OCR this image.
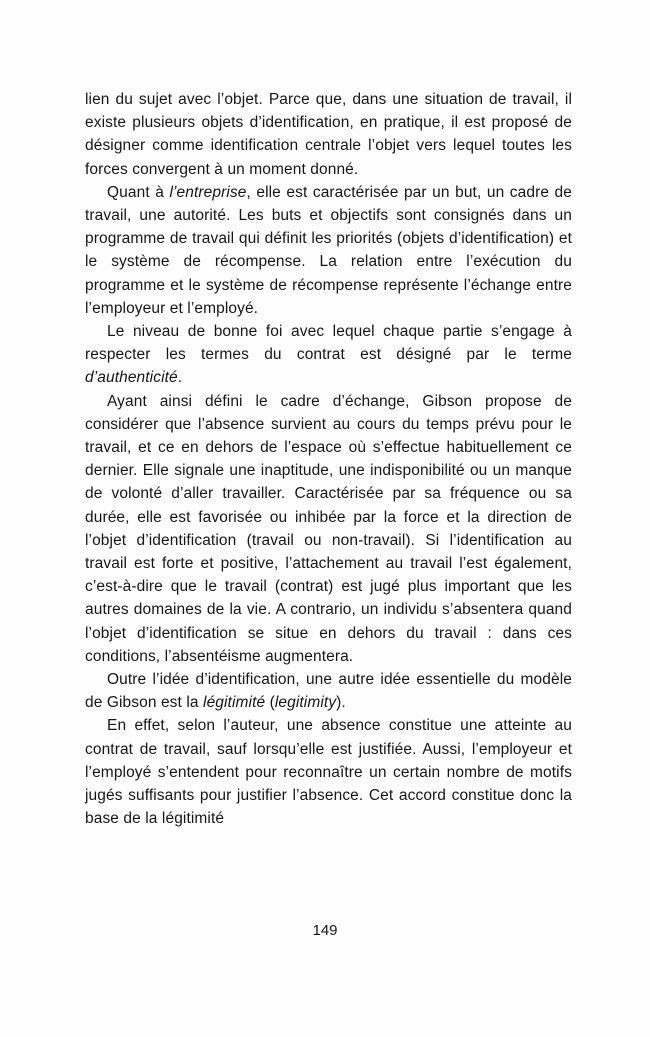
lien du sujet avec l’objet. Parce que, dans une situation de travail, il existe plusieurs objets d’identification, en pratique, il est proposé de désigner comme identification centrale l’objet vers lequel toutes les forces convergent à un moment donné.

Quant à l’entreprise, elle est caractérisée par un but, un cadre de travail, une autorité. Les buts et objectifs sont consignés dans un programme de travail qui définit les priorités (objets d’identification) et le système de récompense. La relation entre l’exécution du programme et le système de récompense représente l’échange entre l’employeur et l’employé.

Le niveau de bonne foi avec lequel chaque partie s’engage à respecter les termes du contrat est désigné par le terme d’authenticité.

Ayant ainsi défini le cadre d’échange, Gibson propose de considérer que l’absence survient au cours du temps prévu pour le travail, et ce en dehors de l’espace où s’effectue habituellement ce dernier. Elle signale une inaptitude, une indisponibilité ou un manque de volonté d’aller travailler. Caractérisée par sa fréquence ou sa durée, elle est favorisée ou inhibée par la force et la direction de l’objet d’identification (travail ou non-travail). Si l’identification au travail est forte et positive, l’attachement au travail l’est également, c’est-à-dire que le travail (contrat) est jugé plus important que les autres domaines de la vie. A contrario, un individu s’absentera quand l’objet d’identification se situe en dehors du travail : dans ces conditions, l’absentéisme augmentera.

Outre l’idée d’identification, une autre idée essentielle du modèle de Gibson est la légitimité (legitimity).

En effet, selon l’auteur, une absence constitue une atteinte au contrat de travail, sauf lorsqu’elle est justifiée. Aussi, l’employeur et l’employé s’entendent pour reconnaître un certain nombre de motifs jugés suffisants pour justifier l’absence. Cet accord constitue donc la base de la légitimité

149
